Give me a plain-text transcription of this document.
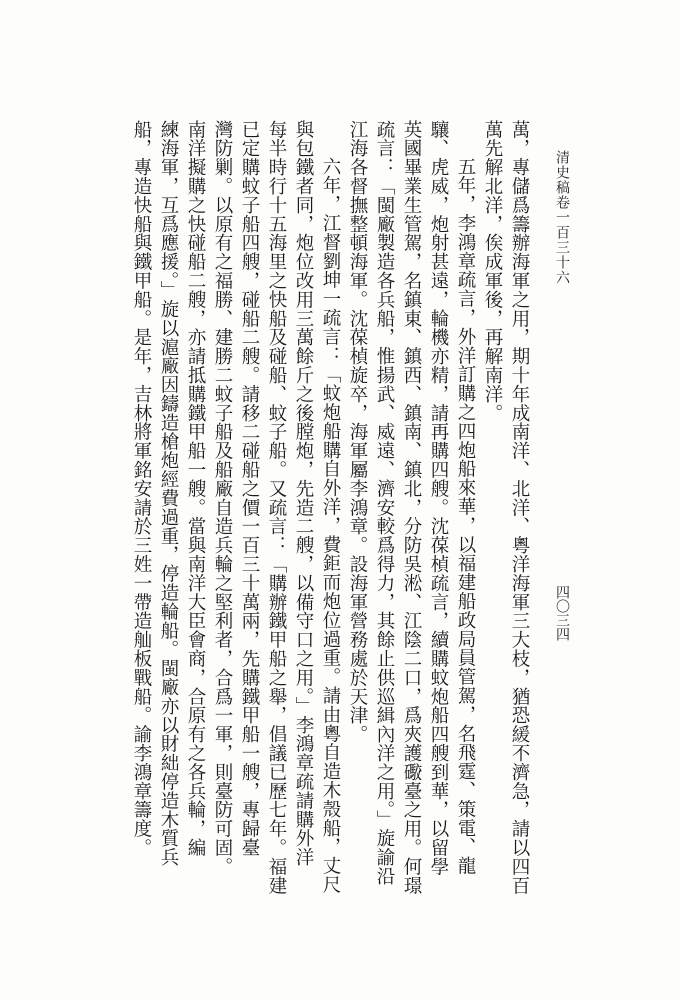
清史稿卷一百三十六
四〇三四
萬，專儲爲籌辦海軍之用，期十年成南洋、北洋、粵洋海軍三大枝，猶恐緩不濟急，請以四百
萬先解北洋，俟成軍後，再解南洋。
五年，李鴻章疏言，外洋訂購之四炮船來華，以福建船政局員管駕，名飛霆、策電、龍
驤、虎威，炮射甚遠，輪機亦精，請再購四艘。沈葆楨疏言，續購蚊炮船四艘到華，以留學
英國畢業生管駕，名鎮東、鎮西、鎮南、鎮北，分防吳淞、江陰二口，爲夾護礮臺之用。何璟
疏言：「閩廠製造各兵船，惟揚武、威遠、濟安較爲得力，其餘止供巡緝內洋之用。」旋諭沿
江海各督撫整頓海軍。沈葆楨旋卒，海軍屬李鴻章。設海軍營務處於天津。
六年，江督劉坤一疏言：「蚊炮船購自外洋，費鉅而炮位過重。請由粵自造木殼船，丈尺
與包鐵者同，炮位改用三萬餘斤之後膛炮，先造二艘，以備守口之用。」李鴻章疏請購外洋
每半時行十五海里之快船及碰船、蚊子船。又疏言：「購辦鐵甲船之舉，倡議已歷七年。福建
已定購蚊子船四艘，碰船二艘。請移二碰船之價一百三十萬兩，先購鐵甲船一艘，專歸臺
灣防剿。以原有之福勝、建勝二蚊子船及船廠自造兵輪之堅利者，合爲一軍，則臺防可固。
南洋擬購之快碰船二艘，亦請抵購鐵甲船一艘。當與南洋大臣會商，合原有之各兵輪，編
練海軍，互爲應援。」旋以滬廠因鑄造槍炮經費過重，停造輪船。閩廠亦以財絀停造木質兵
船，專造快船與鐵甲船。是年，吉林將軍銘安請於三姓一帶造舢板戰船。諭李鴻章籌度。
